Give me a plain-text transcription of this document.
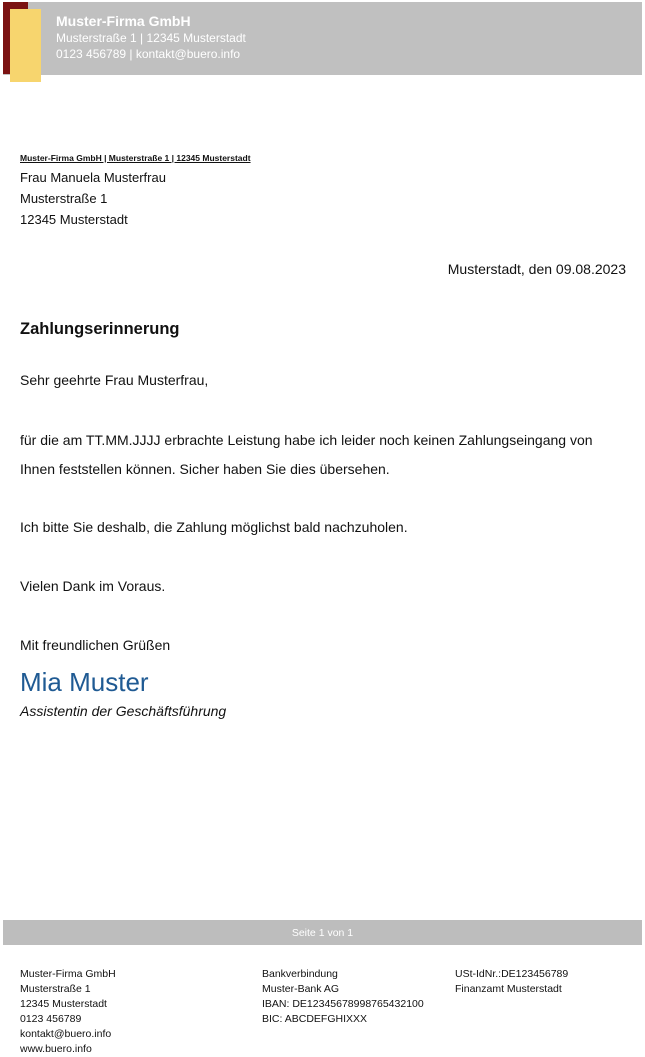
Muster-Firma GmbH
Musterstraße 1 | 12345 Musterstadt
0123 456789 | kontakt@buero.info
Muster-Firma GmbH | Musterstraße 1 | 12345 Musterstadt
Frau Manuela Musterfrau
Musterstraße 1
12345 Musterstadt
Musterstadt, den 09.08.2023
Zahlungserinnerung
Sehr geehrte Frau Musterfrau,
für die am TT.MM.JJJJ erbrachte Leistung habe ich leider noch keinen Zahlungseingang von Ihnen feststellen können. Sicher haben Sie dies übersehen.
Ich bitte Sie deshalb, die Zahlung möglichst bald nachzuholen.
Vielen Dank im Voraus.
Mit freundlichen Grüßen
Mia Muster
Assistentin der Geschäftsführung
Seite 1 von 1
Muster-Firma GmbH
Musterstraße 1
12345 Musterstadt
0123 456789
kontakt@buero.info
www.buero.info
Bankverbindung
Muster-Bank AG
IBAN: DE12345678998765432100
BIC: ABCDEFGHIXXX
USt-IdNr.:DE123456789
Finanzamt Musterstadt
